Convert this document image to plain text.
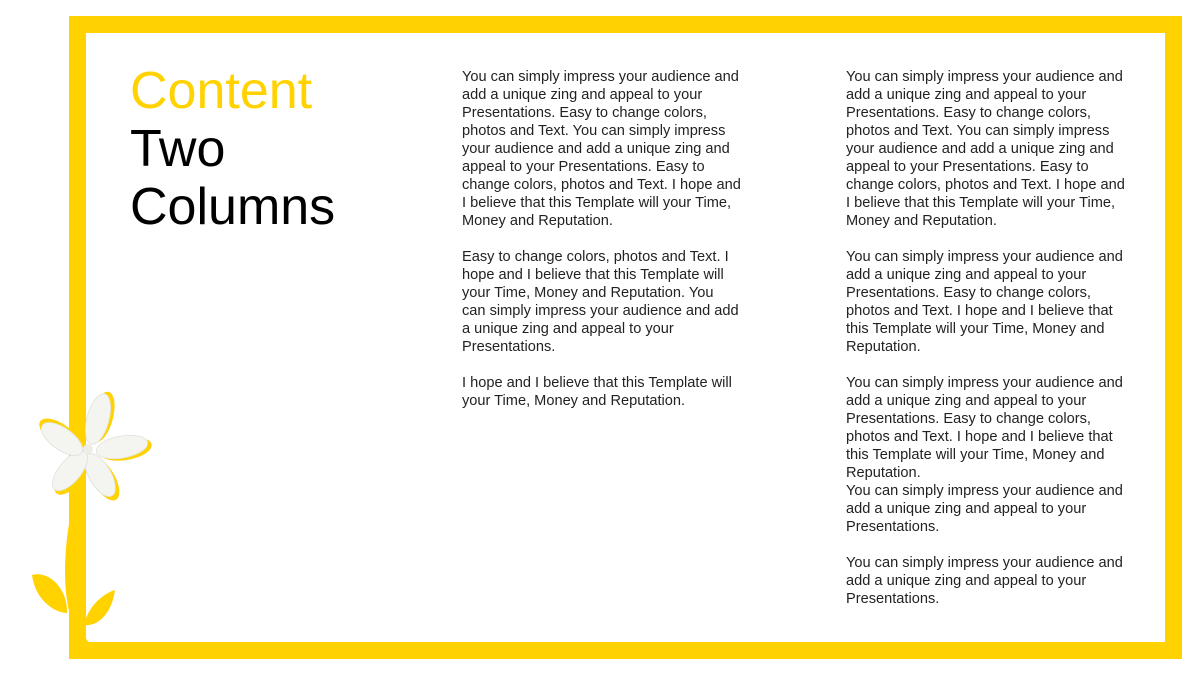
Content
Two
Columns

You can simply impress your audience and
add a unique zing and appeal to your
Presentations. Easy to change colors,
photos and Text. You can simply impress
your audience and add a unique zing and
appeal to your Presentations. Easy to
change colors, photos and Text. I hope and
I believe that this Template will your Time,
Money and Reputation.

Easy to change colors, photos and Text. I
hope and I believe that this Template will
your Time, Money and Reputation. You
can simply impress your audience and add
a unique zing and appeal to your
Presentations.

I hope and I believe that this Template will
your Time, Money and Reputation.

You can simply impress your audience and
add a unique zing and appeal to your
Presentations. Easy to change colors,
photos and Text. You can simply impress
your audience and add a unique zing and
appeal to your Presentations. Easy to
change colors, photos and Text. I hope and
I believe that this Template will your Time,
Money and Reputation.

You can simply impress your audience and
add a unique zing and appeal to your
Presentations. Easy to change colors,
photos and Text. I hope and I believe that
this Template will your Time, Money and
Reputation.

You can simply impress your audience and
add a unique zing and appeal to your
Presentations. Easy to change colors,
photos and Text. I hope and I believe that
this Template will your Time, Money and
Reputation.

You can simply impress your audience and
add a unique zing and appeal to your
Presentations.

You can simply impress your audience and
add a unique zing and appeal to your
Presentations.
